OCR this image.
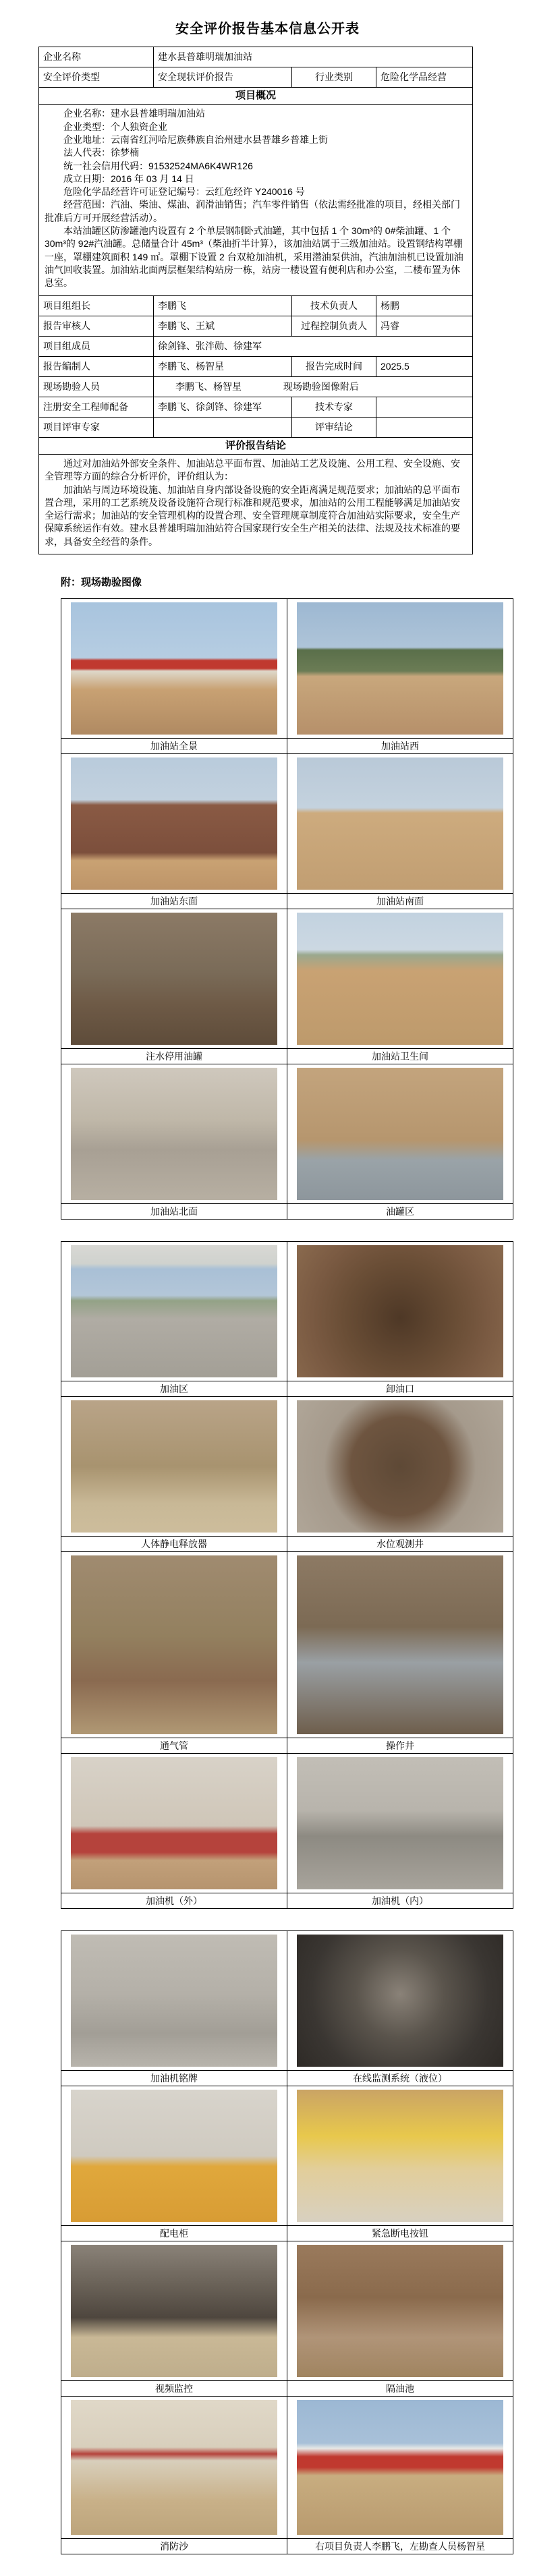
安全评价报告基本信息公开表
企业名称	建水县普雄明瑞加油站		
安全评价类型	安全现状评价报告	行业类别	危险化学品经营
项目概况			

企业名称：建水县普雄明瑞加油站
企业类型：个人独资企业
企业地址：云南省红河哈尼族彝族自治州建水县普雄乡普雄上街
法人代表：徐梦楠
统一社会信用代码：91532524MA6K4WR126
成立日期：2016 年 03 月 14 日
危险化学品经营许可证登记编号：云红危经许 Y240016 号
经营范围：汽油、柴油、煤油、润滑油销售；汽车零件销售（依法需经批准的项目，经相关部门批准后方可开展经营活动）。
本站油罐区防渗罐池内设置有 2 个单层钢制卧式油罐，其中包括 1 个 30m³的 0#柴油罐、1 个 30m³的 92#汽油罐。总储量合计 45m³（柴油折半计算），该加油站属于三级加油站。设置钢结构罩棚一座，罩棚建筑面积 149 ㎡。罩棚下设置 2 台双枪加油机，采用潜油泵供油，汽油加油机已设置加油油气回收装置。加油站北面两层框架结构站房一栋，站房一楼设置有便利店和办公室，二楼布置为休息室。

项目组组长	李鹏飞	技术负责人	杨鹏
报告审核人	李鹏飞、王斌	过程控制负责人	冯睿
项目组成员	徐剑锋、张泮勋、徐建军		
报告编制人	李鹏飞、杨智星	报告完成时间	2025.5
现场勘验人员	李鹏飞、杨智星 现场勘验图像附后		
注册安全工程师配备	李鹏飞、徐剑锋、徐建军	技术专家	
项目评审专家		评审结论	
评价报告结论			

通过对加油站外部安全条件、加油站总平面布置、加油站工艺及设施、公用工程、安全设施、安全管理等方面的综合分析评价，评价组认为：
加油站与周边环境设施、加油站自身内部设备设施的安全距离满足规范要求；加油站的总平面布置合理，采用的工艺系统及设备设施符合现行标准和规范要求，加油站的公用工程能够满足加油站安全运行需求；加油站的安全管理机构的设置合理、安全管理规章制度符合加油站实际要求，安全生产保障系统运作有效。建水县普雄明瑞加油站符合国家现行安全生产相关的法律、法规及技术标准的要求，具备安全经营的条件。			
附：现场勘验图像

加油站全景	加油站西

加油站东面	加油站南面

注水停用油罐	加油站卫生间

加油站北面	油罐区

加油区	卸油口

人体静电释放器	水位观测井

通气管	操作井

加油机（外）	加油机（内）

加油机铭牌	在线监测系统（液位）

配电柜	紧急断电按钮

视频监控	隔油池

消防沙	右项目负责人李鹏飞，左勘查人员杨智星
